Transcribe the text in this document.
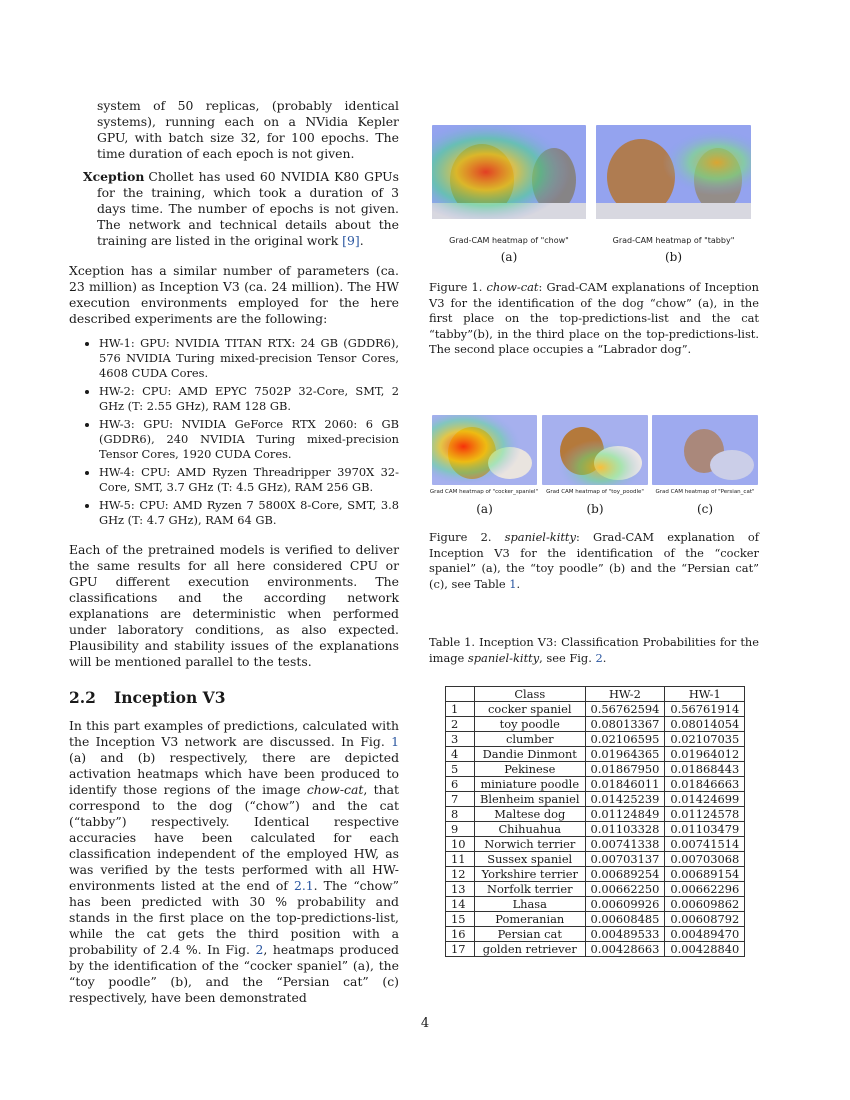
system of 50 replicas, (probably identical systems), running each on a NVidia Kepler GPU, with batch size 32, for 100 epochs. The time duration of each epoch is not given.

Xception Chollet has used 60 NVIDIA K80 GPUs for the training, which took a duration of 3 days time. The number of epochs is not given. The network and technical details about the training are listed in the original work [9].

Xception has a similar number of parameters (ca. 23 million) as Inception V3 (ca. 24 million). The HW execution environments employed for the here described experiments are the following:

• HW-1: GPU: NVIDIA TITAN RTX: 24 GB (GDDR6), 576 NVIDIA Turing mixed-precision Tensor Cores, 4608 CUDA Cores.
• HW-2: CPU: AMD EPYC 7502P 32-Core, SMT, 2 GHz (T: 2.55 GHz), RAM 128 GB.
• HW-3: GPU: NVIDIA GeForce RTX 2060: 6 GB (GDDR6), 240 NVIDIA Turing mixed-precision Tensor Cores, 1920 CUDA Cores.
• HW-4: CPU: AMD Ryzen Threadripper 3970X 32-Core, SMT, 3.7 GHz (T: 4.5 GHz), RAM 256 GB.
• HW-5: CPU: AMD Ryzen 7 5800X 8-Core, SMT, 3.8 GHz (T: 4.7 GHz), RAM 64 GB.

Each of the pretrained models is verified to deliver the same results for all here considered CPU or GPU different execution environments. The classifications and the according network explanations are deterministic when performed under laboratory conditions, as also expected. Plausibility and stability issues of the explanations will be mentioned parallel to the tests.

2.2 Inception V3

In this part examples of predictions, calculated with the Inception V3 network are discussed. In Fig. 1 (a) and (b) respectively, there are depicted activation heatmaps which have been produced to identify those regions of the image chow-cat, that correspond to the dog (“chow”) and the cat (“tabby”) respectively. Identical respective accuracies have been calculated for each classification independent of the employed HW, as was verified by the tests performed with all HW-environments listed at the end of 2.1. The “chow” has been predicted with 30 % probability and stands in the first place on the top-predictions-list, while the cat gets the third position with a probability of 2.4 %. In Fig. 2, heatmaps produced by the identification of the “cocker spaniel” (a), the “toy poodle” (b), and the “Persian cat” (c) respectively, have been demonstrated

Grad-CAM heatmap of "chow"	Grad-CAM heatmap of "tabby"
(a)	(b)
Figure 1. chow-cat: Grad-CAM explanations of Inception V3 for the identification of the dog “chow” (a), in the first place on the top-predictions-list and the cat “tabby”(b), in the third place on the top-predictions-list. The second place occupies a “Labrador dog”.
Grad CAM heatmap of "cocker_spaniel"	Grad CAM heatmap of "toy_poodle"	Grad CAM heatmap of "Persian_cat"
(a)	(b)	(c)
Figure 2. spaniel-kitty: Grad-CAM explanation of Inception V3 for the identification of the “cocker spaniel” (a), the “toy poodle” (b) and the “Persian cat” (c), see Table 1.
Table 1. Inception V3: Classification Probabilities for the image spaniel-kitty, see Fig. 2.
	Class	HW-2	HW-1
1	cocker spaniel	0.56762594	0.56761914
2	toy poodle	0.08013367	0.08014054
3	clumber	0.02106595	0.02107035
4	Dandie Dinmont	0.01964365	0.01964012
5	Pekinese	0.01867950	0.01868443
6	miniature poodle	0.01846011	0.01846663
7	Blenheim spaniel	0.01425239	0.01424699
8	Maltese dog	0.01124849	0.01124578
9	Chihuahua	0.01103328	0.01103479
10	Norwich terrier	0.00741338	0.00741514
11	Sussex spaniel	0.00703137	0.00703068
12	Yorkshire terrier	0.00689254	0.00689154
13	Norfolk terrier	0.00662250	0.00662296
14	Lhasa	0.00609926	0.00609862
15	Pomeranian	0.00608485	0.00608792
16	Persian cat	0.00489533	0.00489470
17	golden retriever	0.00428663	0.00428840
4
